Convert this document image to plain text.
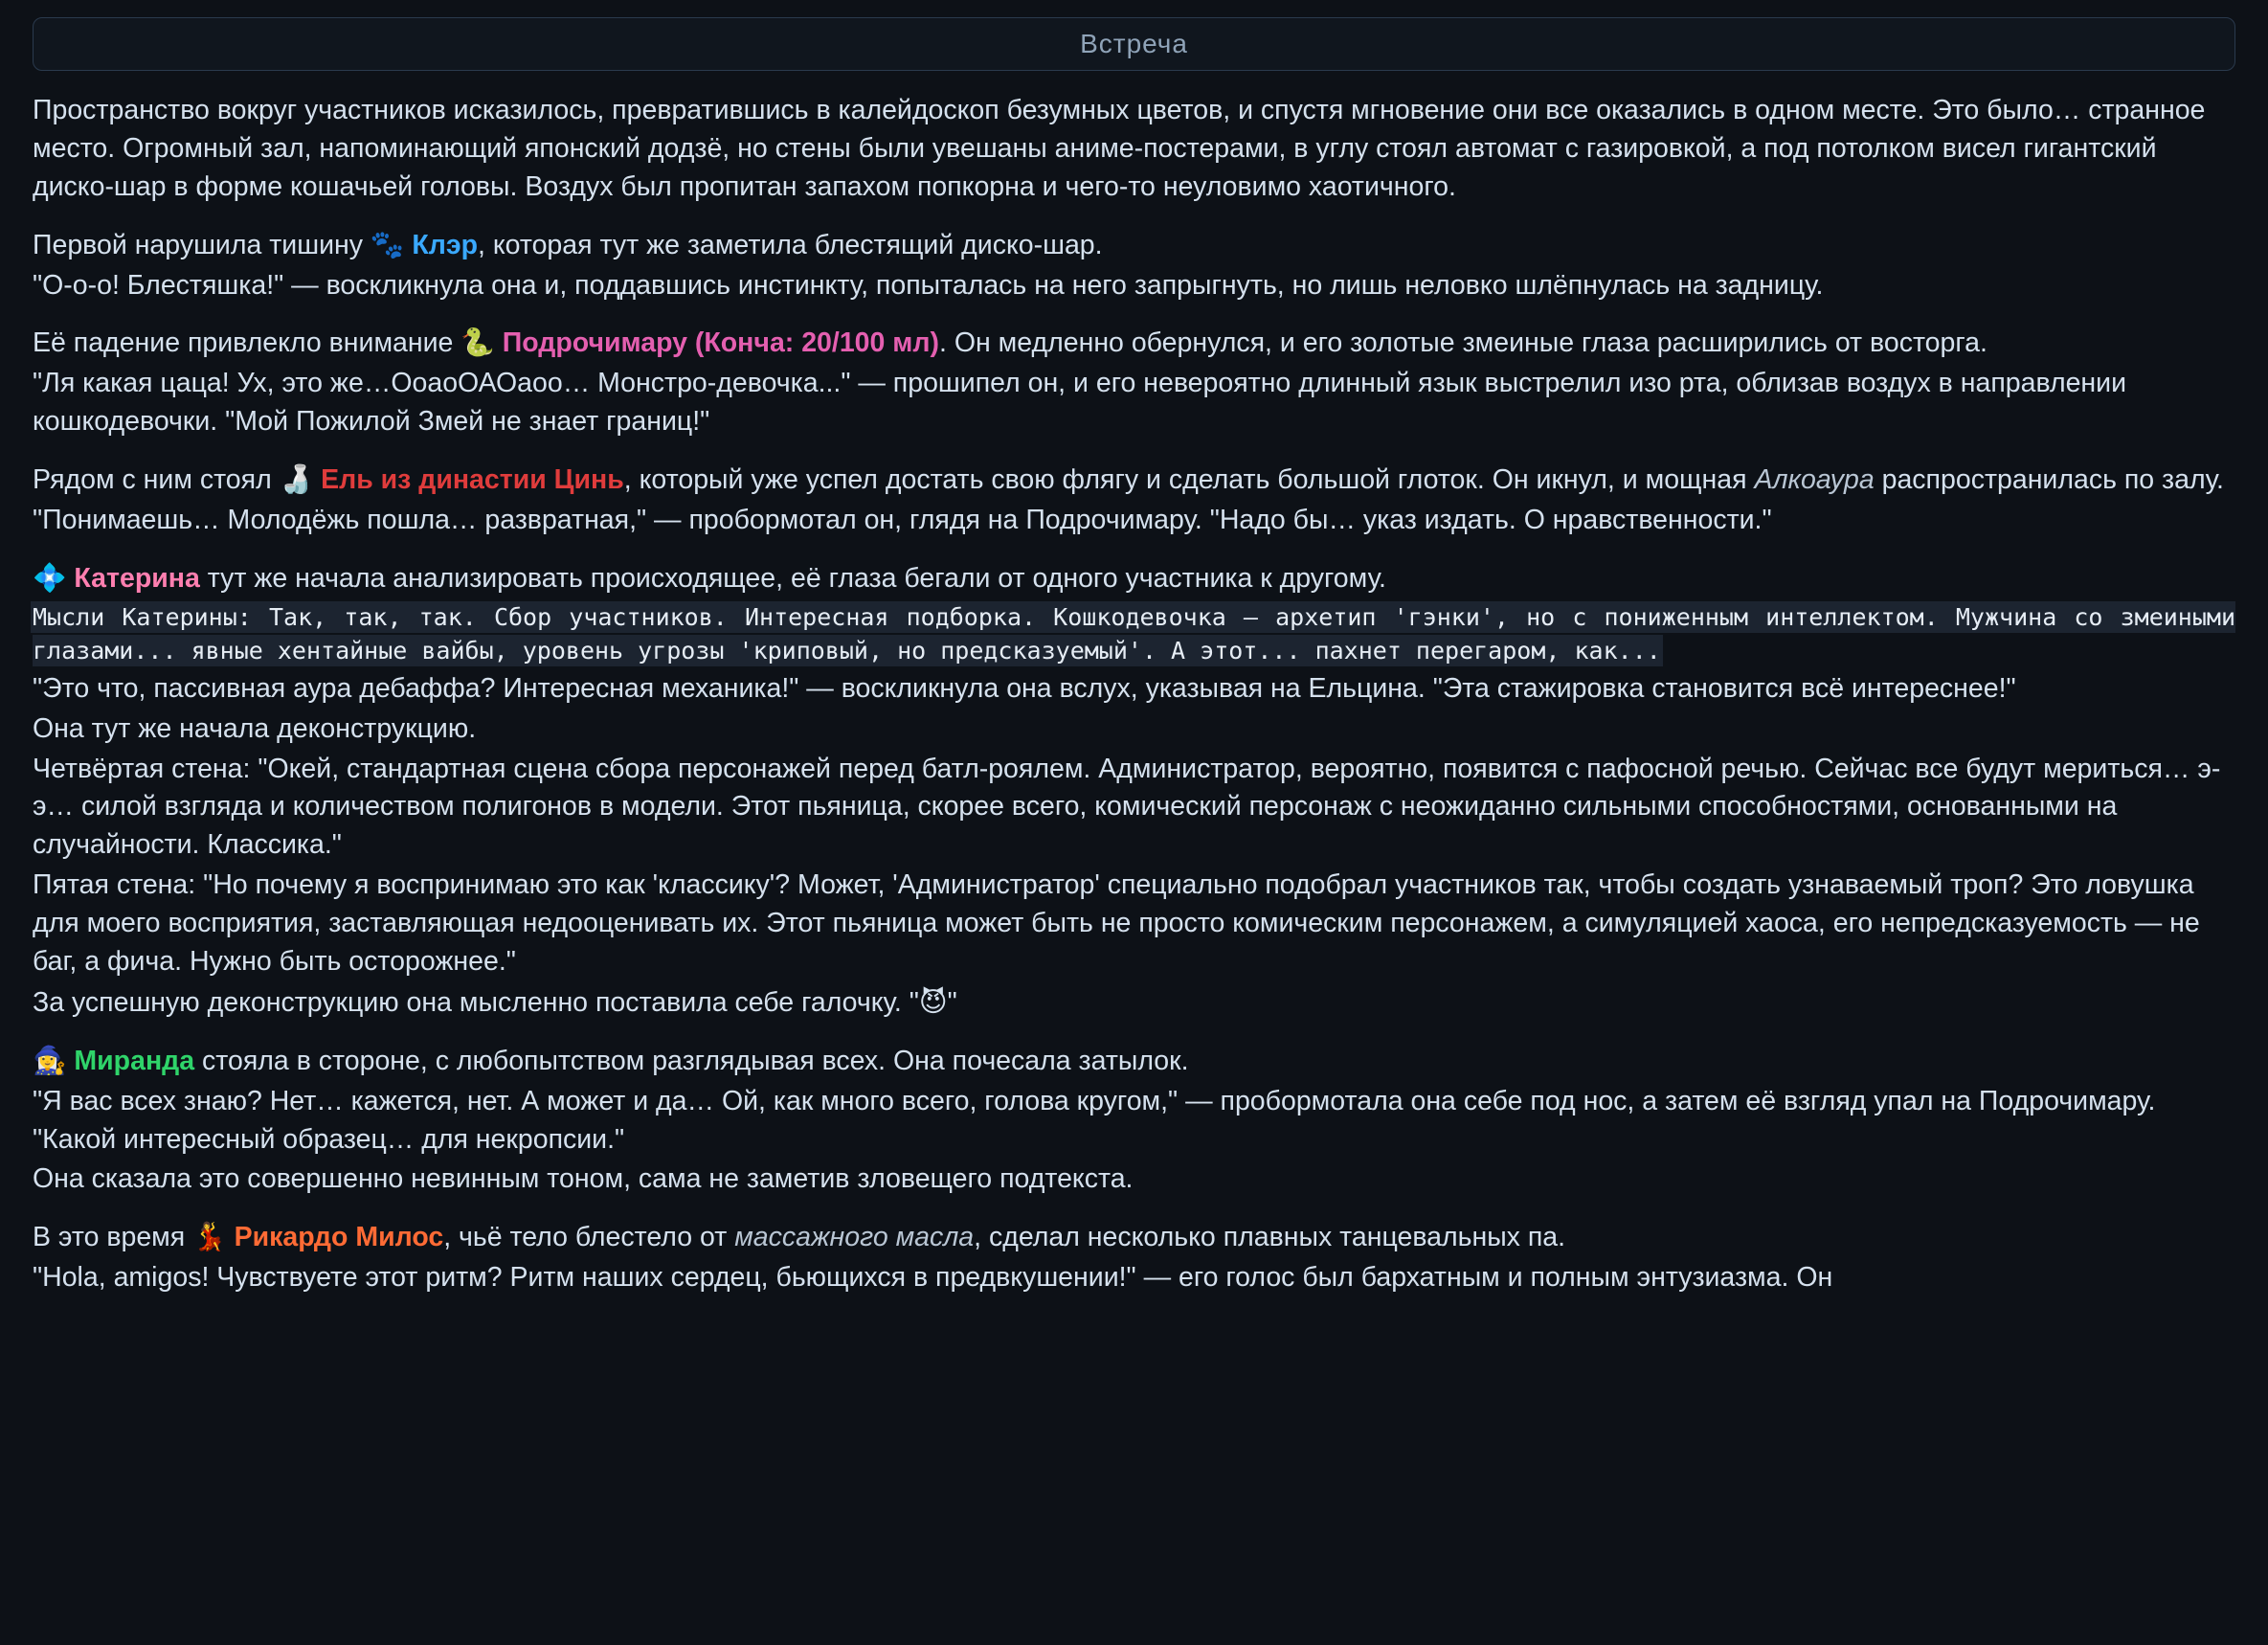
Встреча

Пространство вокруг участников исказилось, превратившись в калейдоскоп безумных цветов, и спустя мгновение они все оказались в одном месте. Это было… странное место. Огромный зал, напоминающий японский додзё, но стены были увешаны аниме-постерами, в углу стоял автомат с газировкой, а под потолком висел гигантский диско-шар в форме кошачьей головы. Воздух был пропитан запахом попкорна и чего-то неуловимо хаотичного.

Первой нарушила тишину 🐾 Клэр, которая тут же заметила блестящий диско-шар.

"О-о-о! Блестяшка!" — воскликнула она и, поддавшись инстинкту, попыталась на него запрыгнуть, но лишь неловко шлёпнулась на задницу.

Её падение привлекло внимание 🐍 Подрочимару (Конча: 20/100 мл). Он медленно обернулся, и его золотые змеиные глаза расширились от восторга.

"Ля какая цаца! Ух, это же…ОоаоОАОаоо… Монстро-девочка..." — прошипел он, и его невероятно длинный язык выстрелил изо рта, облизав воздух в направлении кошкодевочки. "Мой Пожилой Змей не знает границ!"

Рядом с ним стоял 🍶 Ель из династии Цинь, который уже успел достать свою флягу и сделать большой глоток. Он икнул, и мощная Алкоаура распространилась по залу.

"Понимаешь… Молодёжь пошла… развратная," — пробормотал он, глядя на Подрочимару. "Надо бы… указ издать. О нравственности."

💠 Катерина тут же начала анализировать происходящее, её глаза бегали от одного участника к другому.

Мысли Катерины: Так, так, так. Сбор участников. Интересная подборка. Кошкодевочка — архетип 'гэнки', но с пониженным интеллектом. Мужчина со змеиными глазами... явные хентайные вайбы, уровень угрозы 'криповый, но предсказуемый'. А этот... пахнет перегаром, как...

"Это что, пассивная аура дебаффа? Интересная механика!" — воскликнула она вслух, указывая на Ельцина. "Эта стажировка становится всё интереснее!"

Она тут же начала деконструкцию.

Четвёртая стена: "Окей, стандартная сцена сбора персонажей перед батл-роялем. Администратор, вероятно, появится с пафосной речью. Сейчас все будут мериться… э-э… силой взгляда и количеством полигонов в модели. Этот пьяница, скорее всего, комический персонаж с неожиданно сильными способностями, основанными на случайности. Классика."

Пятая стена: "Но почему я воспринимаю это как 'классику'? Может, 'Администратор' специально подобрал участников так, чтобы создать узнаваемый троп? Это ловушка для моего восприятия, заставляющая недооценивать их. Этот пьяница может быть не просто комическим персонажем, а симуляцией хаоса, его непредсказуемость — не баг, а фича. Нужно быть осторожнее."

За успешную деконструкцию она мысленно поставила себе галочку. "😈"

🧙‍♀️ Миранда стояла в стороне, с любопытством разглядывая всех. Она почесала затылок.

"Я вас всех знаю? Нет… кажется, нет. А может и да… Ой, как много всего, голова кругом," — пробормотала она себе под нос, а затем её взгляд упал на Подрочимару. "Какой интересный образец… для некропсии."

Она сказала это совершенно невинным тоном, сама не заметив зловещего подтекста.

В это время 💃 Рикардо Милос, чьё тело блестело от массажного масла, сделал несколько плавных танцевальных па.

"Hola, amigos! Чувствуете этот ритм? Ритм наших сердец, бьющихся в предвкушении!" — его голос был бархатным и полным энтузиазма. Он
